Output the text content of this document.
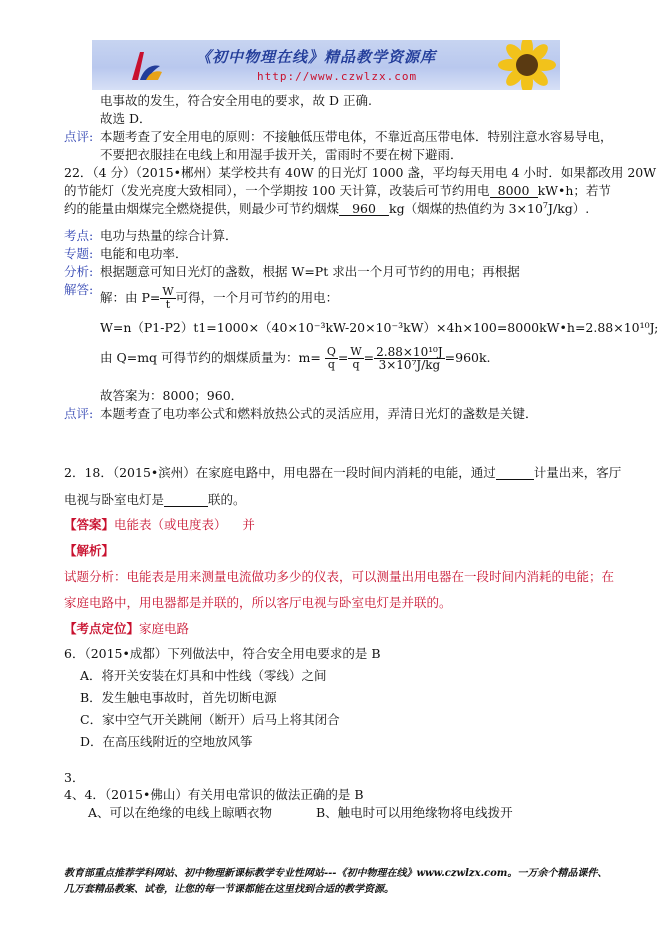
《初中物理在线》精品教学资源库
http://www.czwlzx.com
电事故的发生，符合安全用电的要求，故 D 正确.
故选 D．
点评: 本题考查了安全用电的原则：不接触低压带电体，不靠近高压带电体．特别注意水容易导电，
不要把衣服挂在电线上和用湿手拔开关，雷雨时不要在树下避雨．
22．（4 分）（2015•郴州）某学校共有 40W 的日光灯 1000 盏，平均每天用电 4 小时．如果都改用 20W
的节能灯（发光亮度大致相同），一个学期按 100 天计算，改装后可节约用电 8000 kW•h；若节
约的能量由烟煤完全燃烧提供，则最少可节约烟煤 960 kg（烟煤的热值约为 $3\times 10^7J/kg$）.
考点: 电功与热量的综合计算．
专题: 电能和电功率．
分析: 根据题意可知日光灯的盏数，根据 W=Pt 求出一个月可节约的用电；再根据
解答:
解：由 $P= \frac{W}{t}$ 可得，一个月可节约的用电：
W=n（P1-P2）t1=1000×（40×10⁻³kW-20×10⁻³kW）×4h×100=8000kW•h=2.88×10¹⁰J;
由 Q=mq 可得节约的烟煤质量为：$m= \frac{Q}{q} = \frac{W}{q} = \frac{\text{2.88×10¹⁰J}}{\text{3×10⁷J/kg}} =960k$.
故答案为：8000；960．
点评: 本题考查了电功率公式和燃料放热公式的灵活应用，弄清日光灯的盏数是关键．
2．18．（2015•滨州）在家庭电路中，用电器在一段时间内消耗的电能，通过	计量出来，客厅
电视与卧室电灯是	联的。
【答案】电能表（或电度表）    并
【解析】
试题分析：电能表是用来测量电流做功多少的仪表，可以测量出用电器在一段时间内消耗的电能；在
家庭电路中，用电器都是并联的，所以客厅电视与卧室电灯是并联的。
【考点定位】家庭电路
6．（2015•成都）下列做法中，符合安全用电要求的是 B
A．将开关安装在灯具和中性线（零线）之间
B．发生触电事故时，首先切断电源
C．家中空气开关跳闸（断开）后马上将其闭合
D．在高压线附近的空地放风筝
3．
4、4．（2015•佛山）有关用电常识的做法正确的是 B
A、可以在绝缘的电线上晾晒衣物	B、触电时可以用绝缘物将电线拨开
教育部重点推荐学科网站、初中物理新课标教学专业性网站---《初中物理在线》www.czwlzx.com。一万余个精品课件、
几万套精品教案、试卷，让您的每一节课都能在这里找到合适的教学资源。
